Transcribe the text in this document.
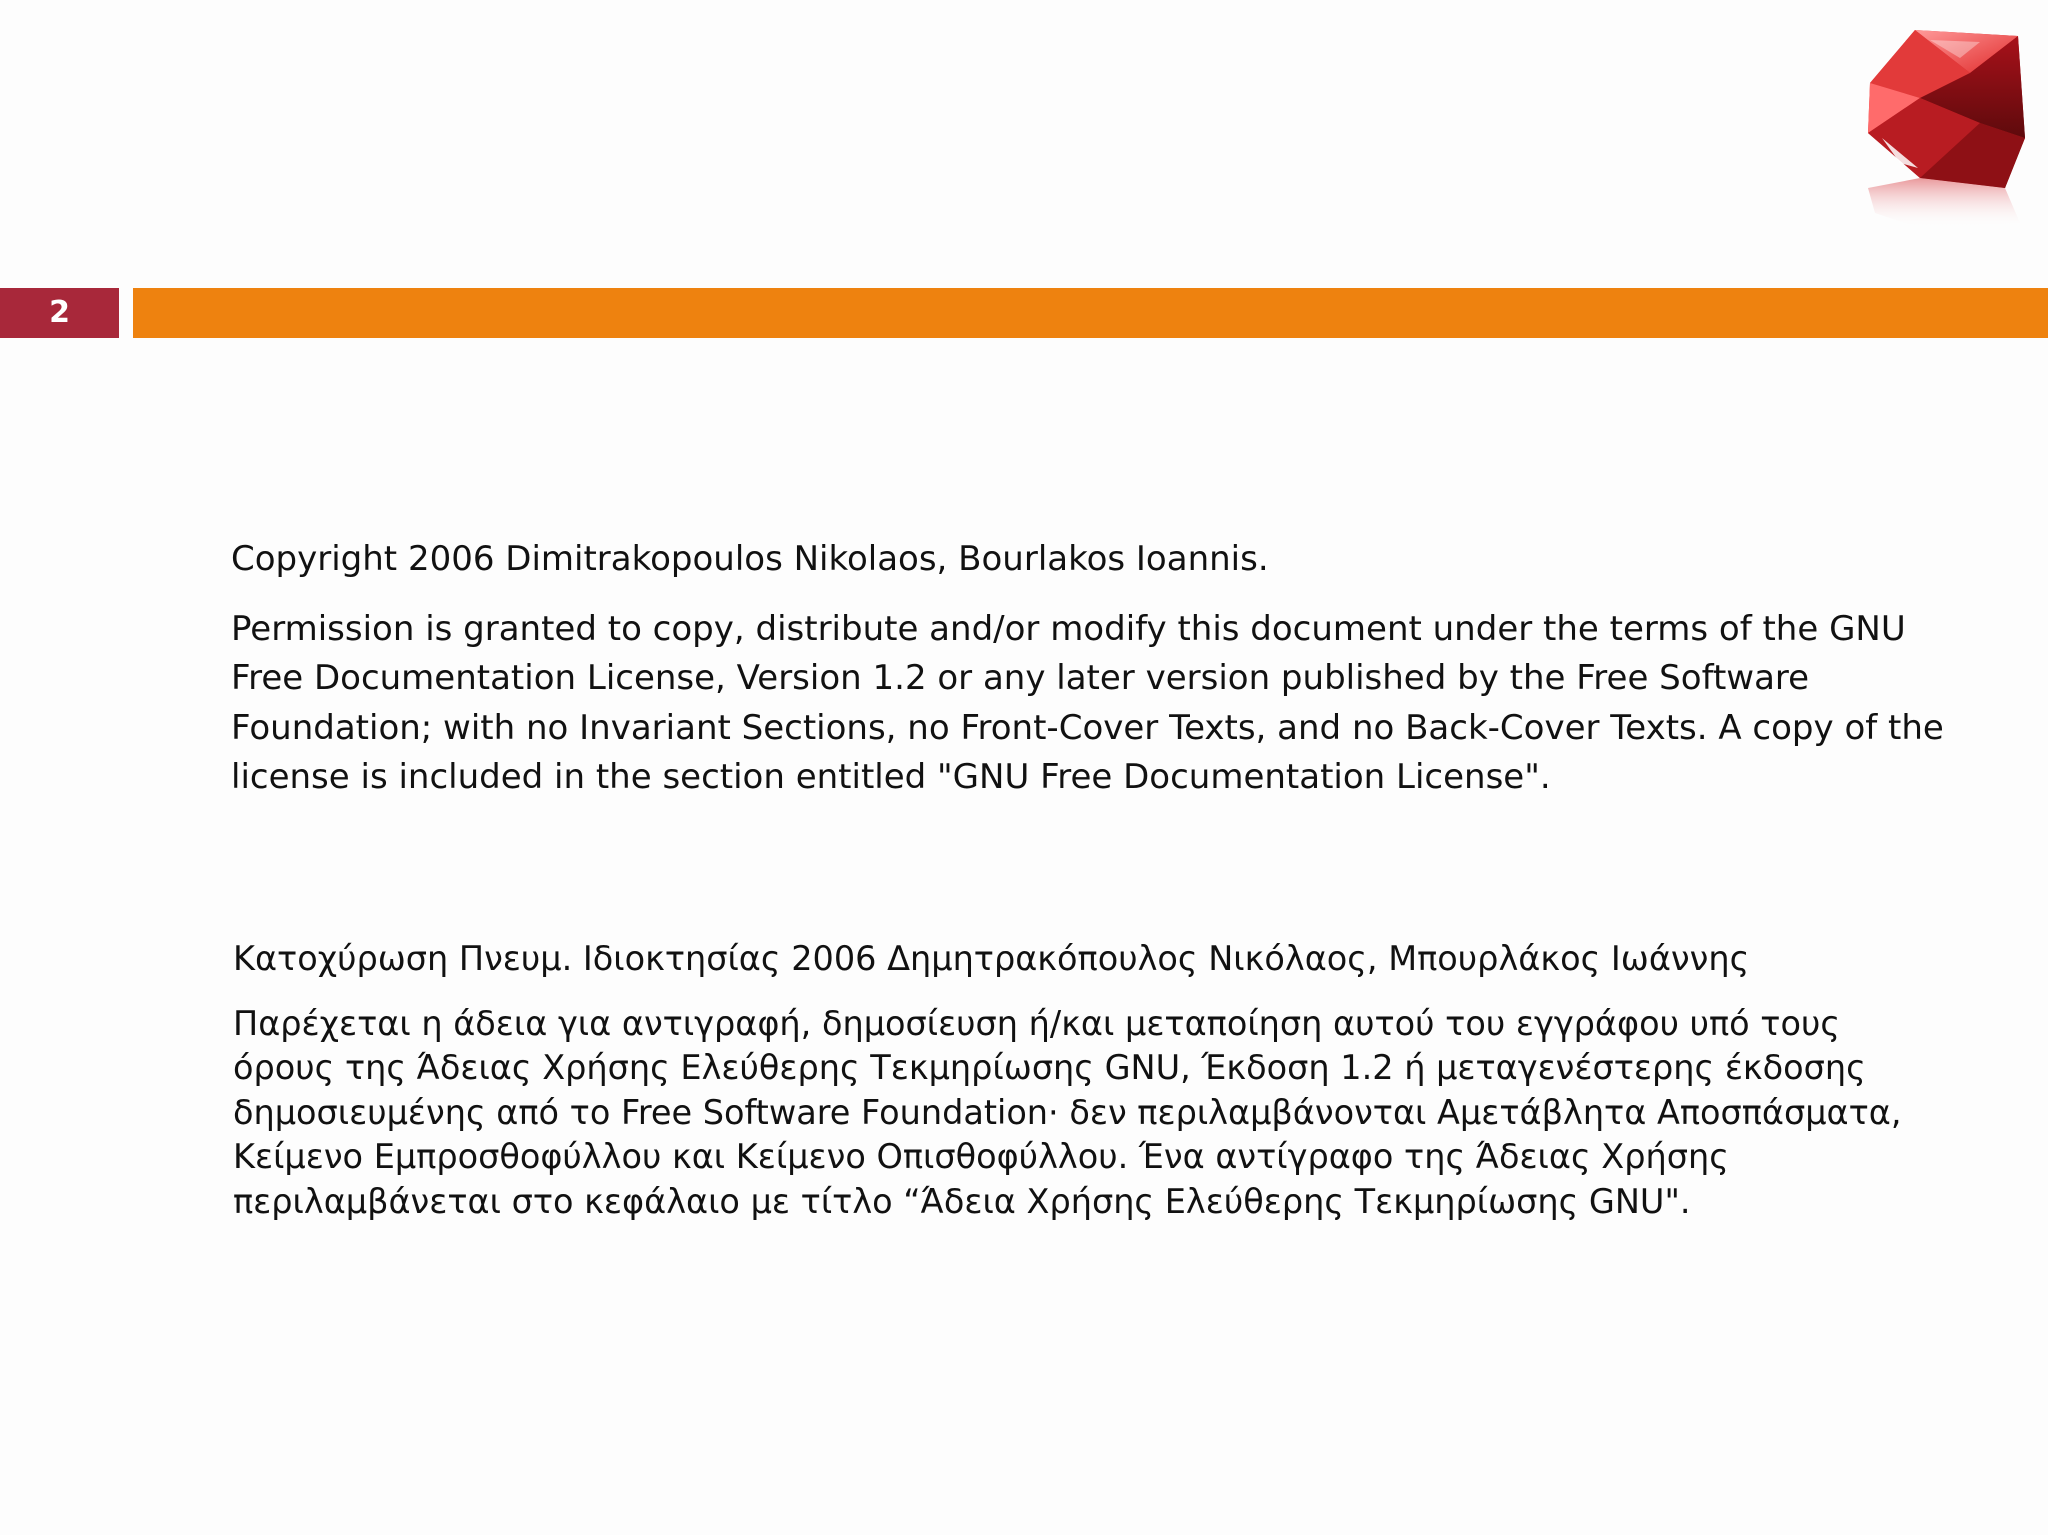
2
Copyright 2006 Dimitrakopoulos Nikolaos, Bourlakos Ioannis.
Permission is granted to copy, distribute and/or modify this document under the terms of the GNU
Free Documentation License, Version 1.2 or any later version published by the Free Software
Foundation; with no Invariant Sections, no Front-Cover Texts, and no Back-Cover Texts. A copy of the
license is included in the section entitled "GNU Free Documentation License".
Κατοχύρωση Πνευμ. Ιδιοκτησίας 2006 Δημητρακόπουλος Νικόλαος, Μπουρλάκος Ιωάννης
Παρέχεται η άδεια για αντιγραφή, δημοσίευση ή/και μεταποίηση αυτού του εγγράφου υπό τους
όρους της Άδειας Χρήσης Ελεύθερης Τεκμηρίωσης GNU, Έκδοση 1.2 ή μεταγενέστερης έκδοσης
δημοσιευμένης από το Free Software Foundation· δεν περιλαμβάνονται Αμετάβλητα Αποσπάσματα,
Κείμενο Εμπροσθοφύλλου και Κείμενο Οπισθοφύλλου. Ένα αντίγραφο της Άδειας Χρήσης
περιλαμβάνεται στο κεφάλαιο με τίτλο “Άδεια Χρήσης Ελεύθερης Τεκμηρίωσης GNU".
